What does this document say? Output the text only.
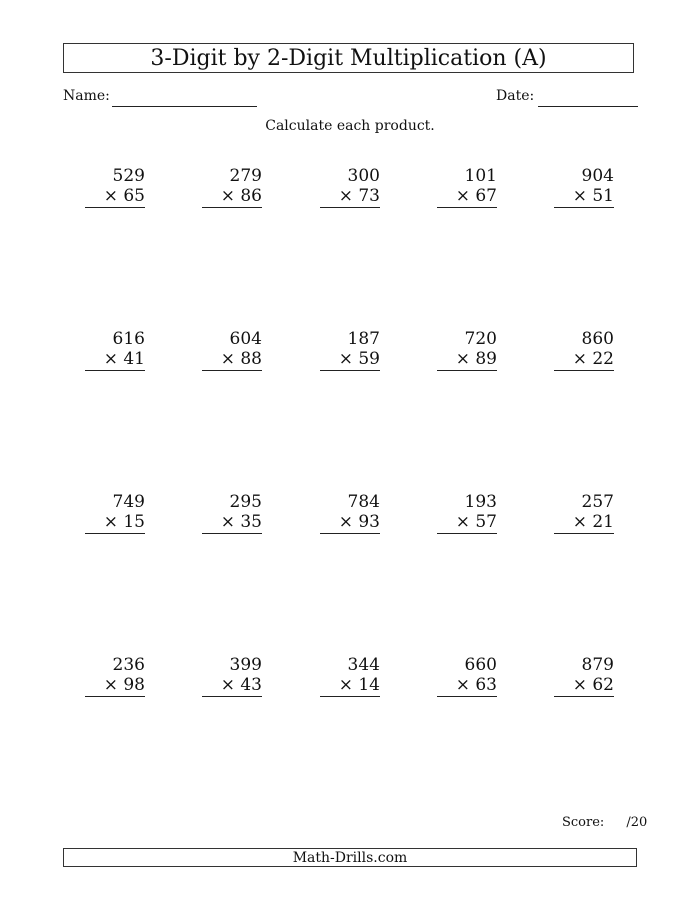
3-Digit by 2-Digit Multiplication (A)
Name:	Date:
Calculate each product.
529
× 65
279
× 86
300
× 73
101
× 67
904
× 51
616
× 41
604
× 88
187
× 59
720
× 89
860
× 22
749
× 15
295
× 35
784
× 93
193
× 57
257
× 21
236
× 98
399
× 43
344
× 14
660
× 63
879
× 62
Score: /20
Math-Drills.com
